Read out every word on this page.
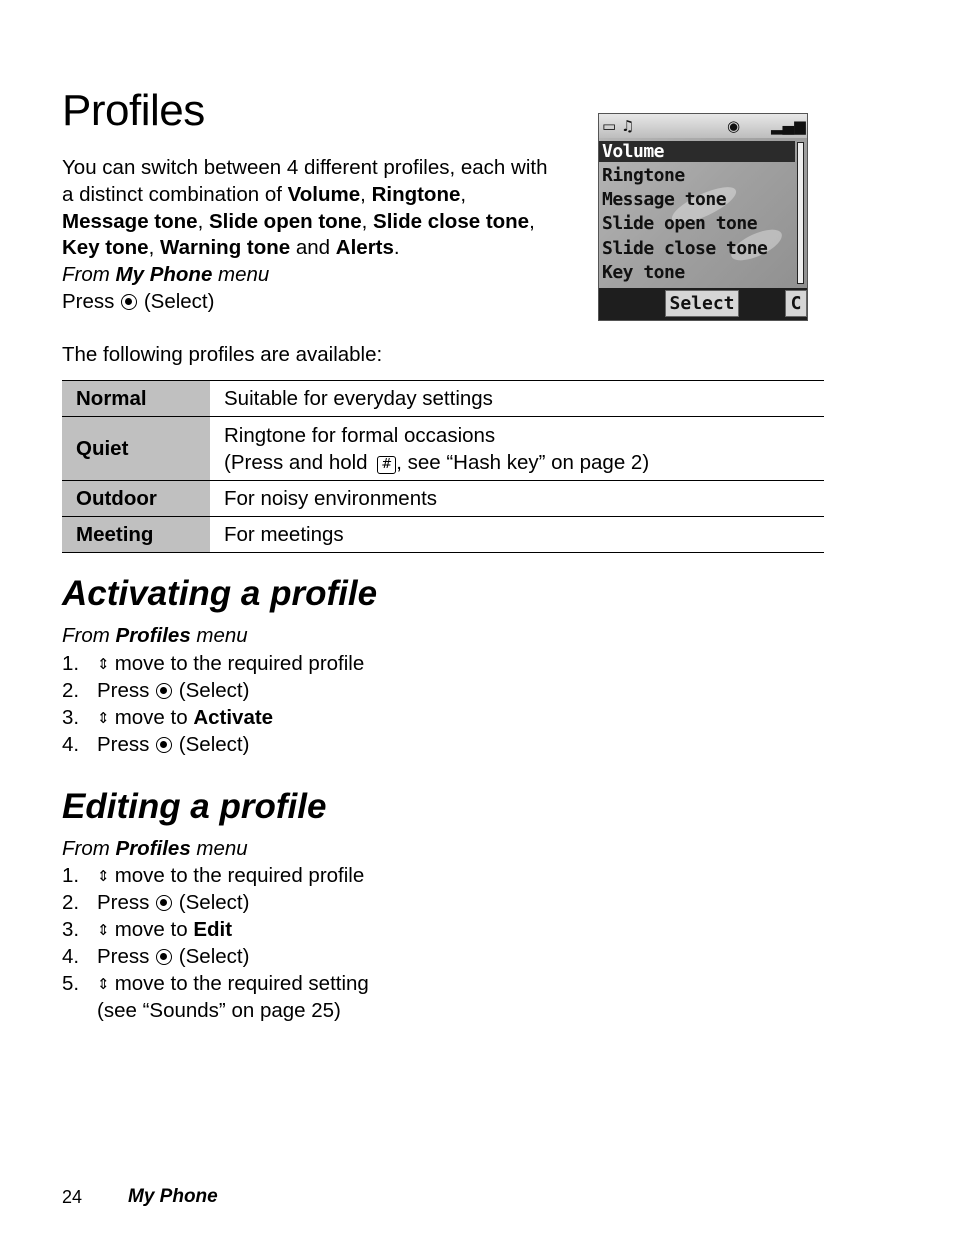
Profiles
You can switch between 4 different profiles, each with
a distinct combination of Volume, Ringtone,
Message tone, Slide open tone, Slide close tone,
Key tone, Warning tone and Alerts.
From My Phone menu
Press  (Select)
▭ ♫	◉ ▂▄▆
Volume
Ringtone
Message tone
Slide open tone
Slide close tone
Key tone
Select	C
The following profiles are available:
Normal	Suitable for everyday settings
Quiet	Ringtone for formal occasions
(Press and hold # , see “Hash key” on page 2)

Outdoor	For noisy environments
Meeting	For meetings
Activating a profile
From Profiles menu
1. ⇕ move to the required profile
2. Press  (Select)
3. ⇕ move to Activate
4. Press  (Select)
Editing a profile
From Profiles menu
1. ⇕ move to the required profile
2. Press  (Select)
3. ⇕ move to Edit
4. Press  (Select)
5. ⇕ move to the required setting
(see “Sounds” on page 25)
24 My Phone
